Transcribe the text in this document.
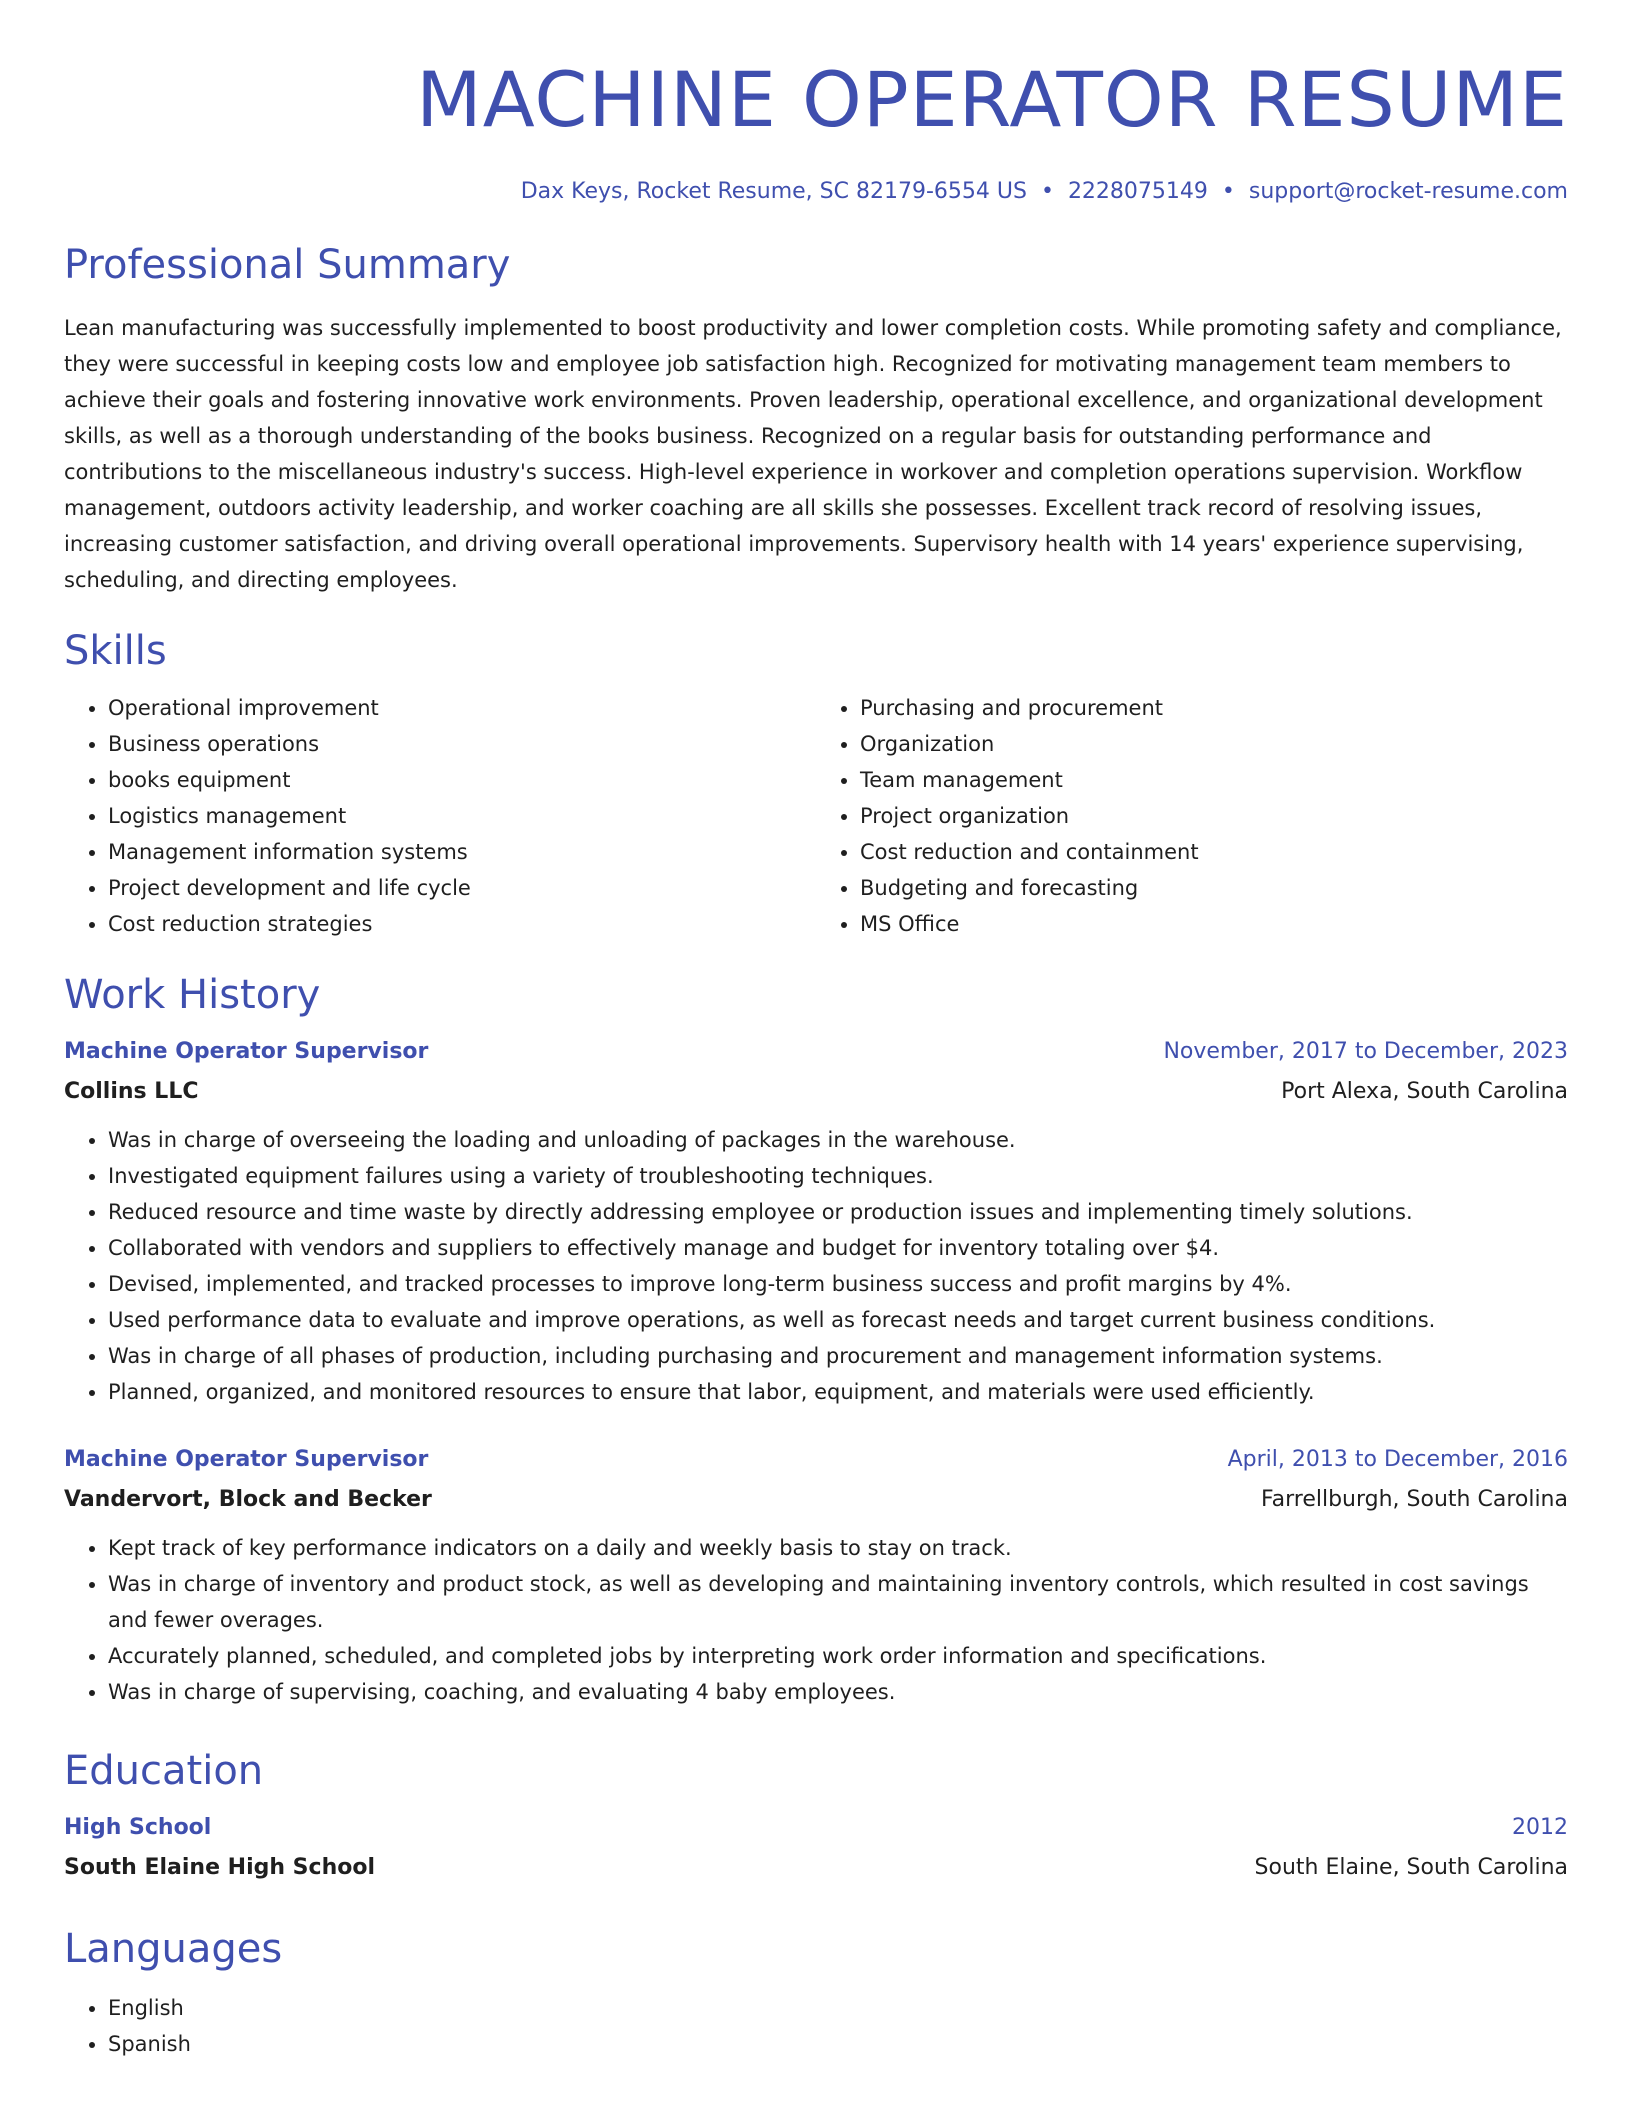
MACHINE OPERATOR RESUME
Dax Keys, Rocket Resume, SC 82179-6554 US • 2228075149 • support@rocket-resume.com
Professional Summary

Lean manufacturing was successfully implemented to boost productivity and lower completion costs. While promoting safety and compliance, they were successful in keeping costs low and employee job satisfaction high. Recognized for motivating management team members to achieve their goals and fostering innovative work environments. Proven leadership, operational excellence, and organizational development skills, as well as a thorough understanding of the books business. Recognized on a regular basis for outstanding performance and contributions to the miscellaneous industry's success. High-level experience in workover and completion operations supervision. Workflow management, outdoors activity leadership, and worker coaching are all skills she possesses. Excellent track record of resolving issues, increasing customer satisfaction, and driving overall operational improvements. Supervisory health with 14 years' experience supervising, scheduling, and directing employees.

Skills
• Operational improvement
• Business operations
• books equipment
• Logistics management
• Management information systems
• Project development and life cycle
• Cost reduction strategies
• Purchasing and procurement
• Organization
• Team management
• Project organization
• Cost reduction and containment
• Budgeting and forecasting
• MS Office
Work History
Machine Operator Supervisor	November, 2017 to December, 2023
Collins LLC	Port Alexa, South Carolina
• Was in charge of overseeing the loading and unloading of packages in the warehouse.
• Investigated equipment failures using a variety of troubleshooting techniques.
• Reduced resource and time waste by directly addressing employee or production issues and implementing timely solutions.
• Collaborated with vendors and suppliers to effectively manage and budget for inventory totaling over $4.
• Devised, implemented, and tracked processes to improve long-term business success and profit margins by 4%.
• Used performance data to evaluate and improve operations, as well as forecast needs and target current business conditions.
• Was in charge of all phases of production, including purchasing and procurement and management information systems.
• Planned, organized, and monitored resources to ensure that labor, equipment, and materials were used efficiently.
Machine Operator Supervisor	April, 2013 to December, 2016
Vandervort, Block and Becker	Farrellburgh, South Carolina
• Kept track of key performance indicators on a daily and weekly basis to stay on track.
• Was in charge of inventory and product stock, as well as developing and maintaining inventory controls, which resulted in cost savings and fewer overages.
• Accurately planned, scheduled, and completed jobs by interpreting work order information and specifications.
• Was in charge of supervising, coaching, and evaluating 4 baby employees.
Education
High School	2012
South Elaine High School	South Elaine, South Carolina
Languages
• English
• Spanish
